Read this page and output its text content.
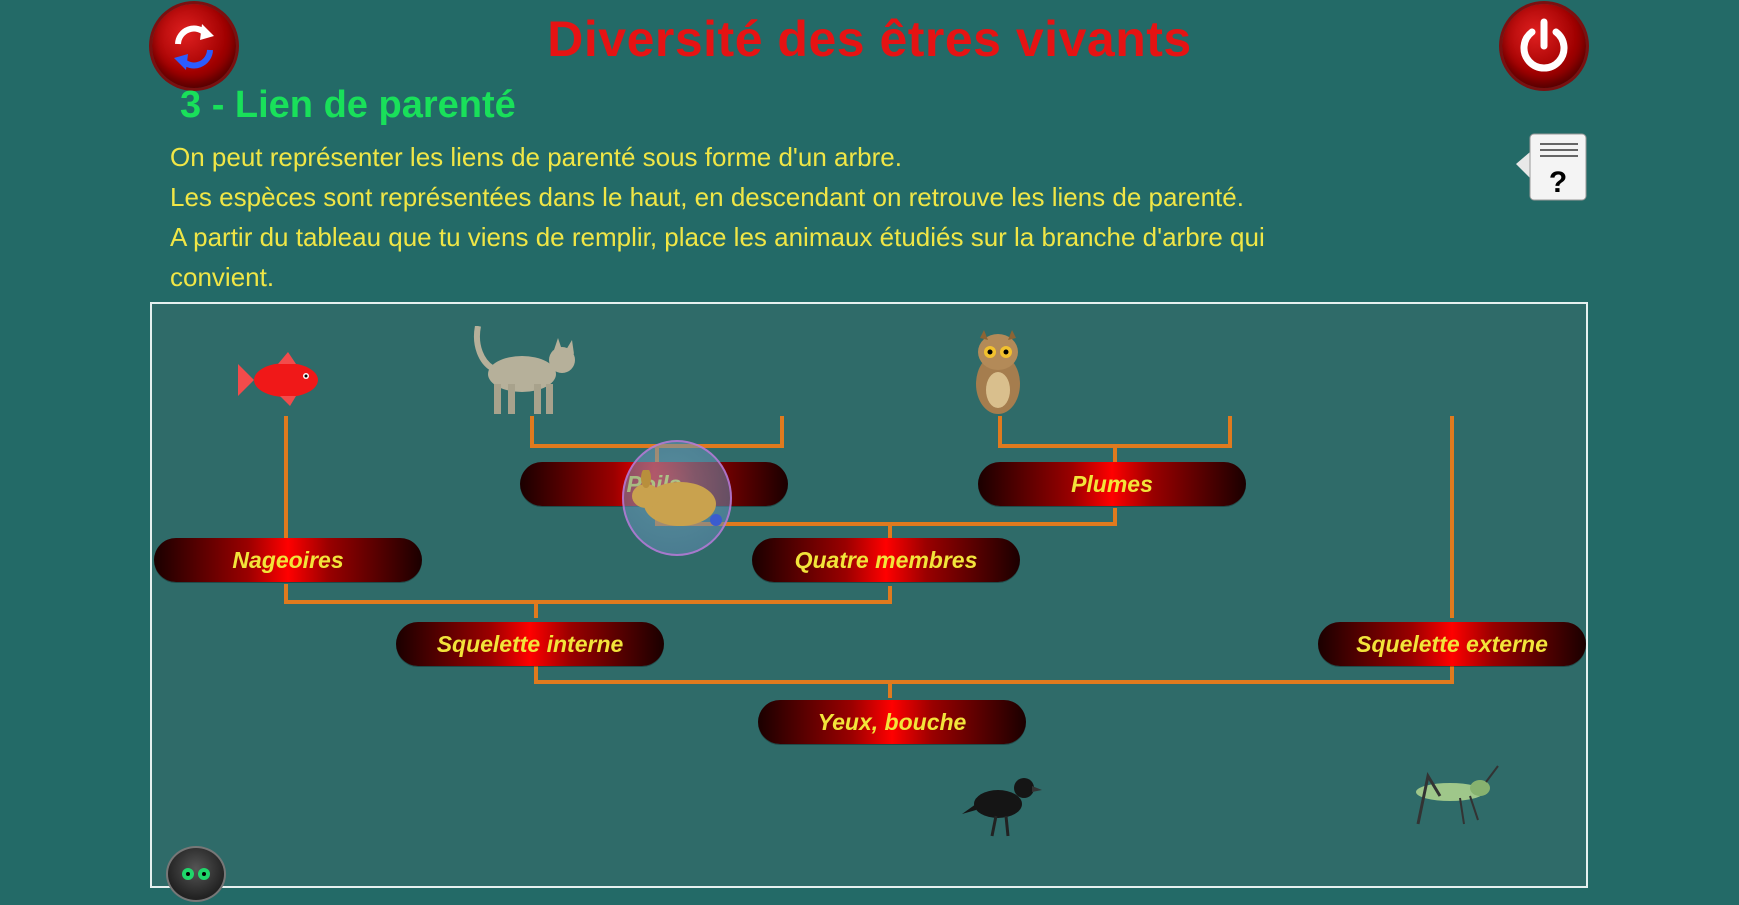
Diversité des êtres vivants
3 - Lien de parenté
On peut représenter les liens de parenté sous forme d'un arbre.
Les espèces sont représentées dans le haut, en descendant on retrouve les liens de parenté.
A partir du tableau que tu viens de remplir, place les animaux étudiés sur la branche d'arbre qui
convient.
?
Plumes
Nageoires	Quatre membres
Squelette interne	Squelette externe
Yeux, bouche
